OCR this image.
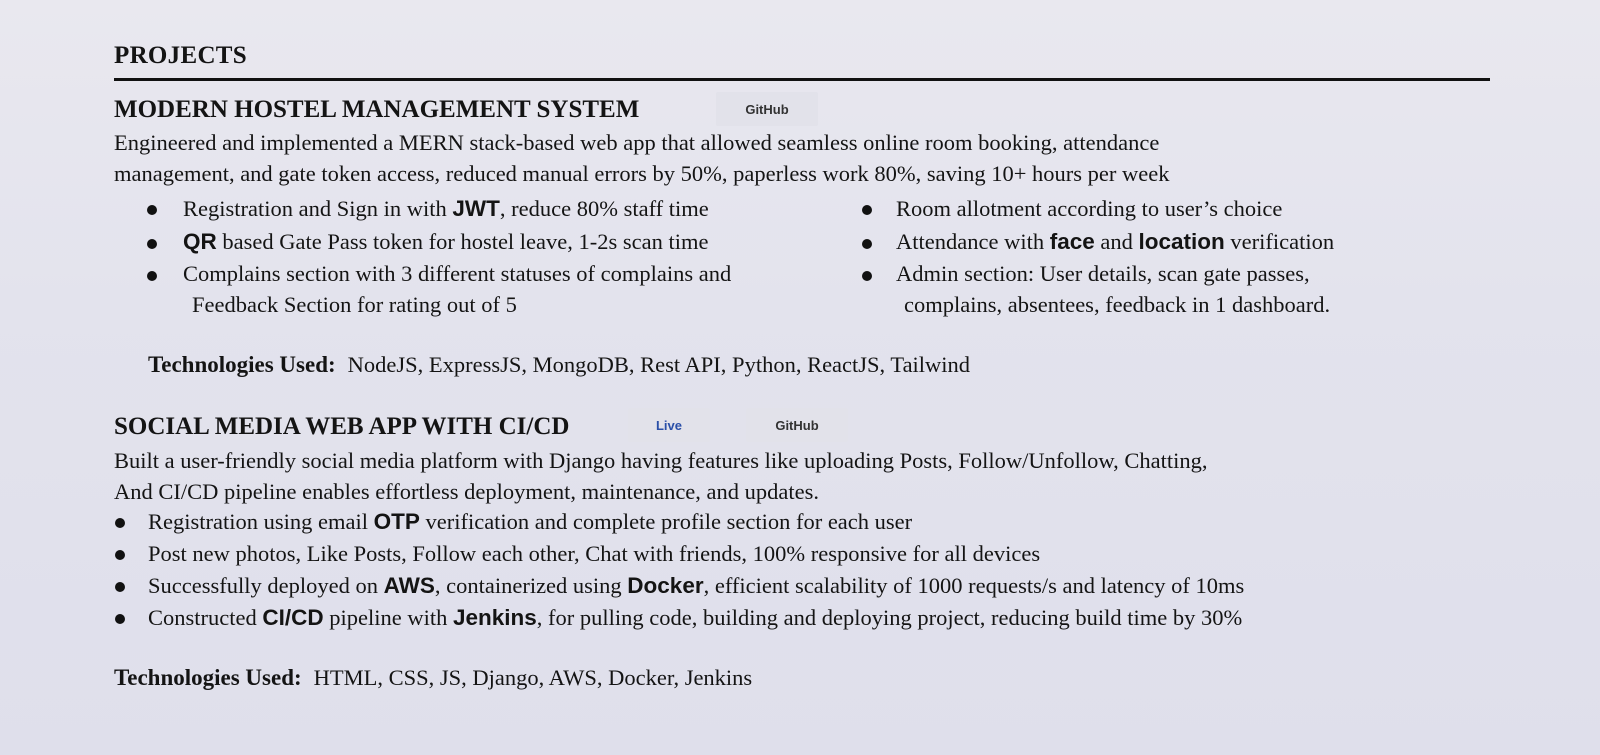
PROJECTS
MODERN HOSTEL MANAGEMENT SYSTEM	GitHub
Engineered and implemented a MERN stack-based web app that allowed seamless online room booking, attendance
management, and gate token access, reduced manual errors by 50%, paperless work 80%, saving 10+ hours per week
Registration and Sign in with JWT, reduce 80% staff time
QR based Gate Pass token for hostel leave, 1-2s scan time
Complains section with 3 different statuses of complains and
Feedback Section for rating out of 5
Room allotment according to user’s choice
Attendance with face and location verification
Admin section: User details, scan gate passes,
complains, absentees, feedback in 1 dashboard.
Technologies Used: NodeJS, ExpressJS, MongoDB, Rest API, Python, ReactJS, Tailwind
SOCIAL MEDIA WEB APP WITH CI/CD	Live	GitHub
Built a user-friendly social media platform with Django having features like uploading Posts, Follow/Unfollow, Chatting,
And CI/CD pipeline enables effortless deployment, maintenance, and updates.
Registration using email OTP verification and complete profile section for each user
Post new photos, Like Posts, Follow each other, Chat with friends, 100% responsive for all devices
Successfully deployed on AWS, containerized using Docker, efficient scalability of 1000 requests/s and latency of 10ms
Constructed CI/CD pipeline with Jenkins, for pulling code, building and deploying project, reducing build time by 30%
Technologies Used: HTML, CSS, JS, Django, AWS, Docker, Jenkins
